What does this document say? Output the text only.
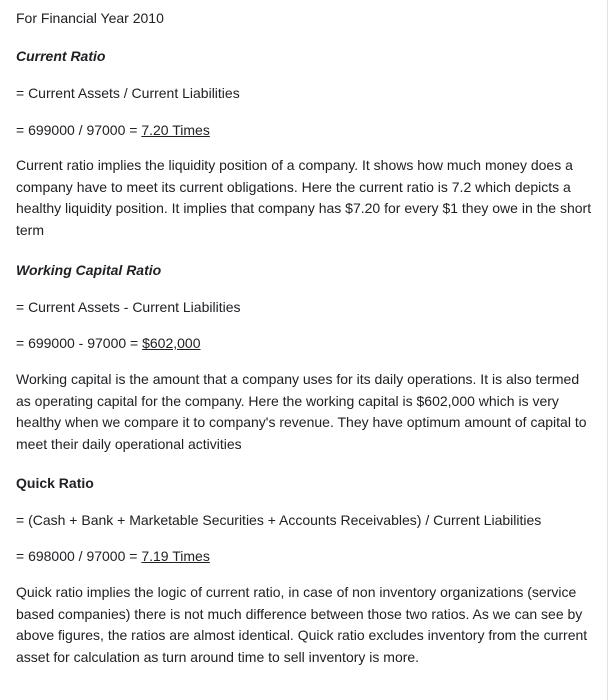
For Financial Year 2010
Current Ratio
= Current Assets / Current Liabilities
= 699000 / 97000 = 7.20 Times
Current ratio implies the liquidity position of a company. It shows how much money does a company have to meet its current obligations. Here the current ratio is 7.2 which depicts a healthy liquidity position. It implies that company has $7.20 for every $1 they owe in the short term
Working Capital Ratio
= Current Assets - Current Liabilities
= 699000 - 97000 = $602,000
Working capital is the amount that a company uses for its daily operations. It is also termed as operating capital for the company. Here the working capital is $602,000 which is very healthy when we compare it to company's revenue. They have optimum amount of capital to meet their daily operational activities
Quick Ratio
= (Cash + Bank + Marketable Securities + Accounts Receivables) / Current Liabilities
= 698000 / 97000 = 7.19 Times
Quick ratio implies the logic of current ratio, in case of non inventory organizations (service based companies) there is not much difference between those two ratios. As we can see by above figures, the ratios are almost identical. Quick ratio excludes inventory from the current asset for calculation as turn around time to sell inventory is more.
